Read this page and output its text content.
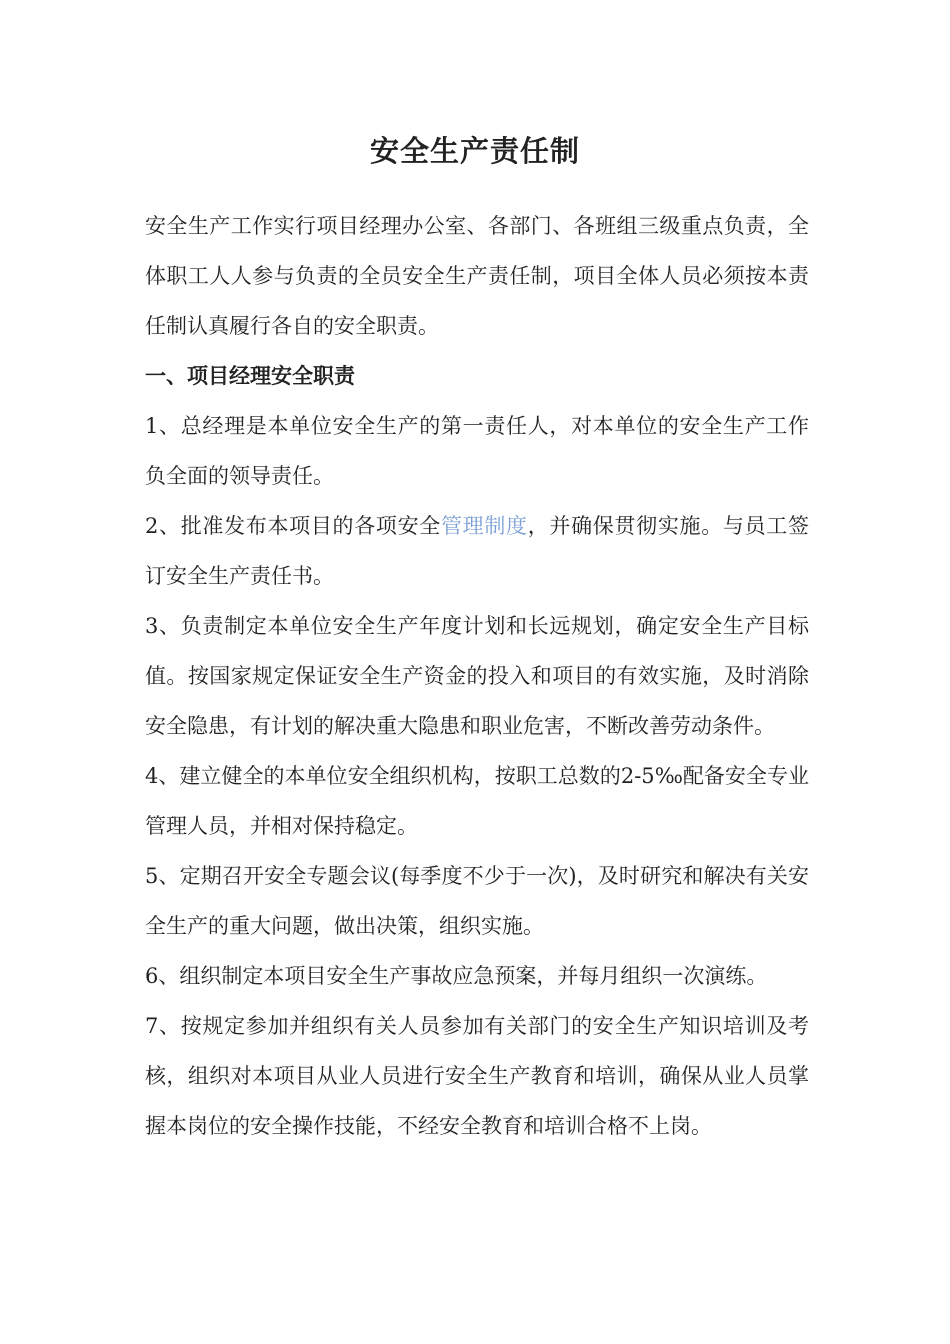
安全生产责任制

安全生产工作实行项目经理办公室、各部门、各班组三级重点负责，全体职工人人参与负责的全员安全生产责任制，项目全体人员必须按本责任制认真履行各自的安全职责。

一、项目经理安全职责

1、总经理是本单位安全生产的第一责任人，对本单位的安全生产工作负全面的领导责任。

2、批准发布本项目的各项安全管理制度，并确保贯彻实施。与员工签订安全生产责任书。

3、负责制定本单位安全生产年度计划和长远规划，确定安全生产目标值。按国家规定保证安全生产资金的投入和项目的有效实施，及时消除安全隐患，有计划的解决重大隐患和职业危害，不断改善劳动条件。

4、建立健全的本单位安全组织机构，按职工总数的2-5‰配备安全专业管理人员，并相对保持稳定。

5、定期召开安全专题会议(每季度不少于一次)，及时研究和解决有关安全生产的重大问题，做出决策，组织实施。

6、组织制定本项目安全生产事故应急预案，并每月组织一次演练。

7、按规定参加并组织有关人员参加有关部门的安全生产知识培训及考核，组织对本项目从业人员进行安全生产教育和培训，确保从业人员掌握本岗位的安全操作技能，不经安全教育和培训合格不上岗。
